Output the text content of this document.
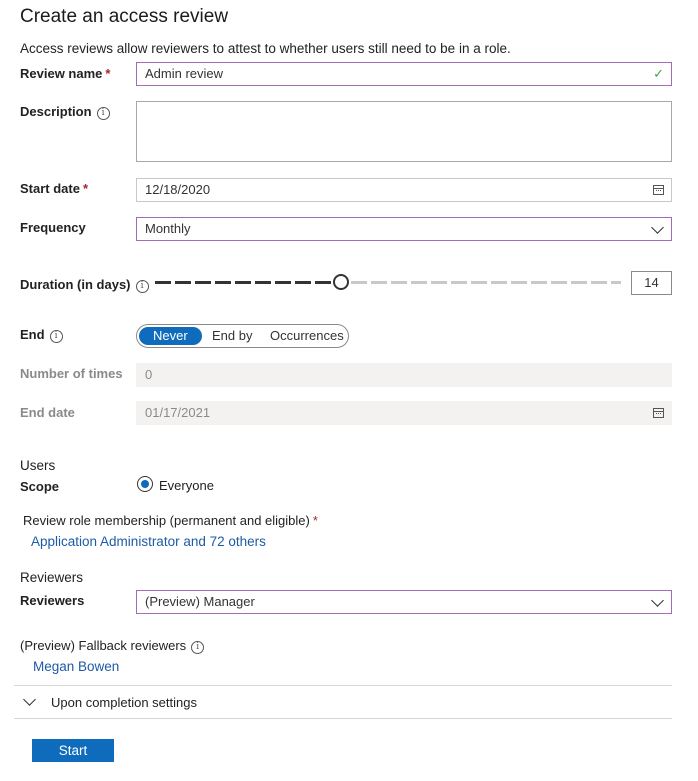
Create an access review
Access reviews allow reviewers to attest to whether users still need to be in a role.
Review name *	Admin review	✓
Description i
Start date *	12/18/2020
Frequency	Monthly
Duration (in days) i	14
End i	Never	End by Occurrences
Number of times	0
End date	01/17/2021
Users
Scope	Everyone
Review role membership (permanent and eligible) *
Application Administrator and 72 others
Reviewers
Reviewers	(Preview) Manager
(Preview) Fallback reviewers i
Megan Bowen
Upon completion settings
Start
